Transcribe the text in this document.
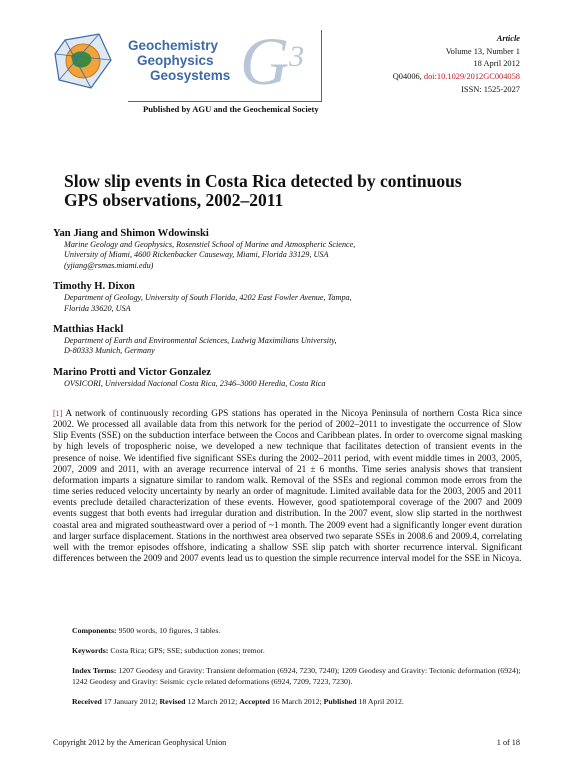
Geochemistry
Geophysics
Geosystems $G^3$
Published by AGU and the Geochemical Society
Article
Volume 13, Number 1
18 April 2012
Q04006, doi:10.1029/2012GC004058
ISSN: 1525-2027
Slow slip events in Costa Rica detected by continuous
GPS observations, 2002–2011
Yan Jiang and Shimon Wdowinski
Marine Geology and Geophysics, Rosenstiel School of Marine and Atmospheric Science,
University of Miami, 4600 Rickenbacker Causeway, Miami, Florida 33129, USA
(yjiang@rsmas.miami.edu)
Timothy H. Dixon
Department of Geology, University of South Florida, 4202 East Fowler Avenue, Tampa,
Florida 33620, USA
Matthias Hackl
Department of Earth and Environmental Sciences, Ludwig Maximilians University,
D-80333 Munich, Germany
Marino Protti and Victor Gonzalez
OVSICORI, Universidad Nacional Costa Rica, 2346–3000 Heredia, Costa Rica
[1] A network of continuously recording GPS stations has operated in the Nicoya Peninsula of northern Costa Rica since 2002. We processed all available data from this network for the period of 2002–2011 to investigate the occurrence of Slow Slip Events (SSE) on the subduction interface between the Cocos and Caribbean plates. In order to overcome signal masking by high levels of tropospheric noise, we developed a new technique that facilitates detection of transient events in the presence of noise. We identified five significant SSEs during the 2002–2011 period, with event middle times in 2003, 2005, 2007, 2009 and 2011, with an average recurrence interval of 21 ± 6 months. Time series analysis shows that transient deformation imparts a signature similar to random walk. Removal of the SSEs and regional common mode errors from the time series reduced velocity uncertainty by nearly an order of magnitude. Limited available data for the 2003, 2005 and 2011 events preclude detailed characterization of these events. However, good spatiotemporal coverage of the 2007 and 2009 events suggest that both events had irregular duration and distribution. In the 2007 event, slow slip started in the northwest coastal area and migrated southeastward over a period of ~1 month. The 2009 event had a significantly longer event duration and larger surface displacement. Stations in the northwest area observed two separate SSEs in 2008.6 and 2009.4, correlating well with the tremor episodes offshore, indicating a shallow SSE slip patch with shorter recurrence interval. Significant differences between the 2009 and 2007 events lead us to question the simple recurrence interval model for the SSE in Nicoya.
Components: 9500 words, 10 figures, 3 tables.
Keywords: Costa Rica; GPS; SSE; subduction zones; tremor.
Index Terms: 1207 Geodesy and Gravity: Transient deformation (6924, 7230, 7240); 1209 Geodesy and Gravity: Tectonic deformation (6924); 1242 Geodesy and Gravity: Seismic cycle related deformations (6924, 7209, 7223, 7230).
Received 17 January 2012; Revised 12 March 2012; Accepted 16 March 2012; Published 18 April 2012.
Copyright 2012 by the American Geophysical Union	1 of 18
